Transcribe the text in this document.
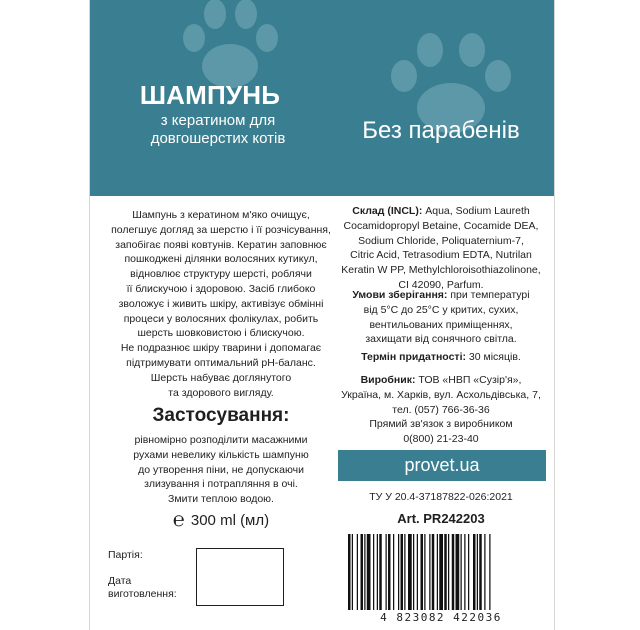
ШАМПУНЬ
з кератином для
довгошерстих котів	Без парабенів
Шампунь з кератином м'яко очищує,
полегшує догляд за шерстю і її розчісування,
запобігає появі ковтунів. Кератин заповнює
пошкоджені ділянки волосяних кутикул,
відновлює структуру шерсті, роблячи
її блискучою і здоровою. Засіб глибоко
зволожує і живить шкіру, активізує обмінні
процеси у волосяних фолікулах, робить
шерсть шовковистою і блискучою.
Не подразнює шкіру тварини і допомагає
підтримувати оптимальний pH-баланс.
Шерсть набуває доглянутого
та здорового вигляду.
Застосування:
рівномірно розподілити масажними
рухами невелику кількість шампуню
до утворення піни, не допускаючи
злизування і потрапляння в очі.
Змити теплою водою.
℮ 300 ml (мл)
Партія:
Дата
виготовлення:
Склад (INCL): Aqua, Sodium Laureth
Cocamidopropyl Betaine, Cocamide DEA,
Sodium Chloride, Poliquaternium-7,
Citric Acid, Tetrasodium EDTA, Nutrilan
Keratin W PP, Methylchloroisothiazolinone,
CI 42090, Parfum.
Умови зберігання: при температурі
від 5°С до 25°С у критих, сухих,
вентильованих приміщеннях,
захищати від сонячного світла.
Термін придатності: 30 місяців.
Виробник: ТОВ «НВП «Сузір'я»,
Україна, м. Харків, вул. Асхольдівська, 7,
тел. (057) 766-36-36
Прямий зв'язок з виробником
0(800) 21-23-40
provet.ua
ТУ У 20.4-37187822-026:2021
Art. PR242203
4 823082 422036
